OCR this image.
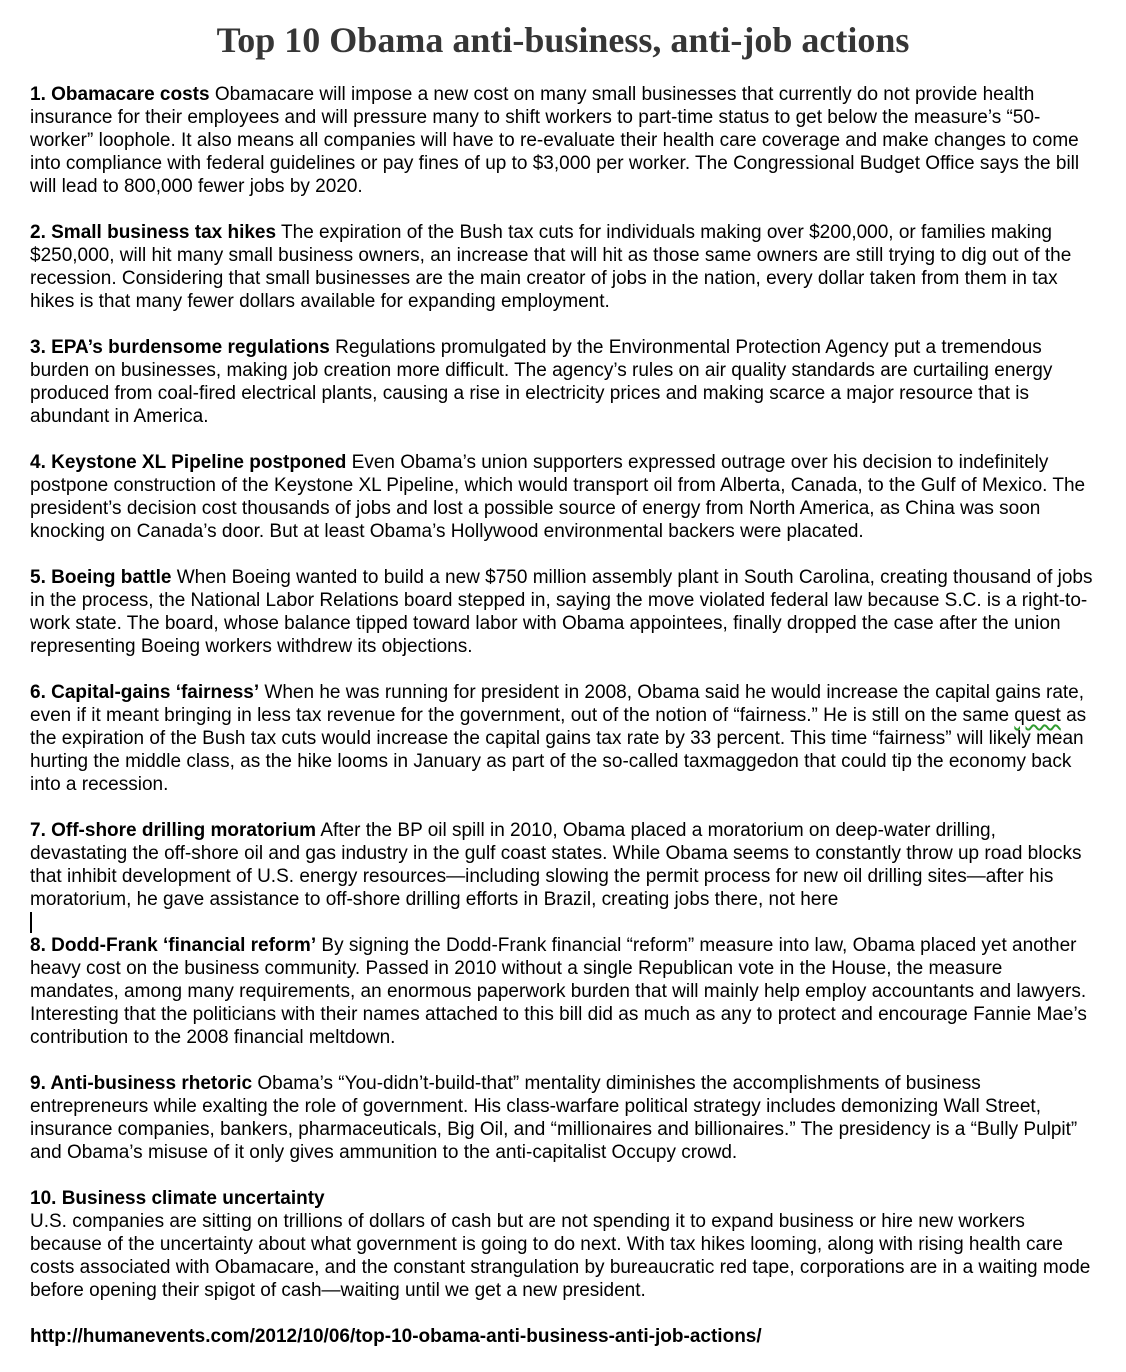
Top 10 Obama anti-business, anti-job actions

1. Obamacare costs Obamacare will impose a new cost on many small businesses that currently do not provide health insurance for their employees and will pressure many to shift workers to part-time status to get below the measure’s “50-worker” loophole. It also means all companies will have to re-evaluate their health care coverage and make changes to come into compliance with federal guidelines or pay fines of up to $3,000 per worker. The Congressional Budget Office says the bill will lead to 800,000 fewer jobs by 2020.

2. Small business tax hikes The expiration of the Bush tax cuts for individuals making over $200,000, or families making $250,000, will hit many small business owners, an increase that will hit as those same owners are still trying to dig out of the recession. Considering that small businesses are the main creator of jobs in the nation, every dollar taken from them in tax hikes is that many fewer dollars available for expanding employment.

3. EPA’s burdensome regulations Regulations promulgated by the Environmental Protection Agency put a tremendous burden on businesses, making job creation more difficult. The agency’s rules on air quality standards are curtailing energy produced from coal-fired electrical plants, causing a rise in electricity prices and making scarce a major resource that is abundant in America.

4. Keystone XL Pipeline postponed Even Obama’s union supporters expressed outrage over his decision to indefinitely postpone construction of the Keystone XL Pipeline, which would transport oil from Alberta, Canada, to the Gulf of Mexico. The president’s decision cost thousands of jobs and lost a possible source of energy from North America, as China was soon knocking on Canada’s door. But at least Obama’s Hollywood environmental backers were placated.

5. Boeing battle When Boeing wanted to build a new $750 million assembly plant in South Carolina, creating thousand of jobs in the process, the National Labor Relations board stepped in, saying the move violated federal law because S.C. is a right-to-work state. The board, whose balance tipped toward labor with Obama appointees, finally dropped the case after the union representing Boeing workers withdrew its objections.

6. Capital-gains ‘fairness’ When he was running for president in 2008, Obama said he would increase the capital gains rate, even if it meant bringing in less tax revenue for the government, out of the notion of “fairness.” He is still on the same quest as the expiration of the Bush tax cuts would increase the capital gains tax rate by 33 percent. This time “fairness” will likely mean hurting the middle class, as the hike looms in January as part of the so-called taxmaggedon that could tip the economy back into a recession.

7. Off-shore drilling moratorium After the BP oil spill in 2010, Obama placed a moratorium on deep-water drilling, devastating the off-shore oil and gas industry in the gulf coast states. While Obama seems to constantly throw up road blocks that inhibit development of U.S. energy resources—including slowing the permit process for new oil drilling sites—after his moratorium, he gave assistance to off-shore drilling efforts in Brazil, creating jobs there, not here

8. Dodd-Frank ‘financial reform’ By signing the Dodd-Frank financial “reform” measure into law, Obama placed yet another heavy cost on the business community. Passed in 2010 without a single Republican vote in the House, the measure mandates, among many requirements, an enormous paperwork burden that will mainly help employ accountants and lawyers. Interesting that the politicians with their names attached to this bill did as much as any to protect and encourage Fannie Mae’s contribution to the 2008 financial meltdown.

9. Anti-business rhetoric Obama’s “You-didn’t-build-that” mentality diminishes the accomplishments of business entrepreneurs while exalting the role of government. His class-warfare political strategy includes demonizing Wall Street, insurance companies, bankers, pharmaceuticals, Big Oil, and “millionaires and billionaires.” The presidency is a “Bully Pulpit” and Obama’s misuse of it only gives ammunition to the anti-capitalist Occupy crowd.

10. Business climate uncertainty
U.S. companies are sitting on trillions of dollars of cash but are not spending it to expand business or hire new workers because of the uncertainty about what government is going to do next. With tax hikes looming, along with rising health care costs associated with Obamacare, and the constant strangulation by bureaucratic red tape, corporations are in a waiting mode before opening their spigot of cash—waiting until we get a new president.

http://humanevents.com/2012/10/06/top-10-obama-anti-business-anti-job-actions/
